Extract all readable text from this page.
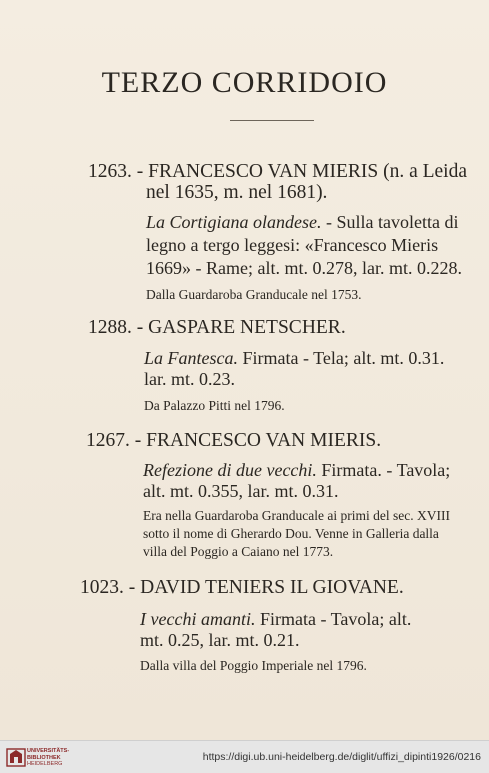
TERZO CORRIDOIO
1263. - FRANCESCO VAN MIERIS (n. a Leida
nel 1635, m. nel 1681).
La Cortigiana olandese. - Sulla tavoletta di
legno a tergo leggesi: «Francesco Mieris
1669» - Rame; alt. mt. 0.278, lar. mt. 0.228.
Dalla Guardaroba Granducale nel 1753.
1288. - GASPARE NETSCHER.
La Fantesca. Firmata - Tela; alt. mt. 0.31.
lar. mt. 0.23.
Da Palazzo Pitti nel 1796.
1267. - FRANCESCO VAN MIERIS.
Refezione di due vecchi. Firmata. - Tavola;
alt. mt. 0.355, lar. mt. 0.31.
Era nella Guardaroba Granducale ai primi del sec. XVIII
sotto il nome di Gherardo Dou. Venne in Galleria dalla
villa del Poggio a Caiano nel 1773.
1023. - DAVID TENIERS IL GIOVANE.
I vecchi amanti. Firmata - Tavola; alt.
mt. 0.25, lar. mt. 0.21.
Dalla villa del Poggio Imperiale nel 1796.
UNIVERSITÄTS-
BIBLIOTHEK
HEIDELBERG
https://digi.ub.uni-heidelberg.de/diglit/uffizi_dipinti1926/0216
